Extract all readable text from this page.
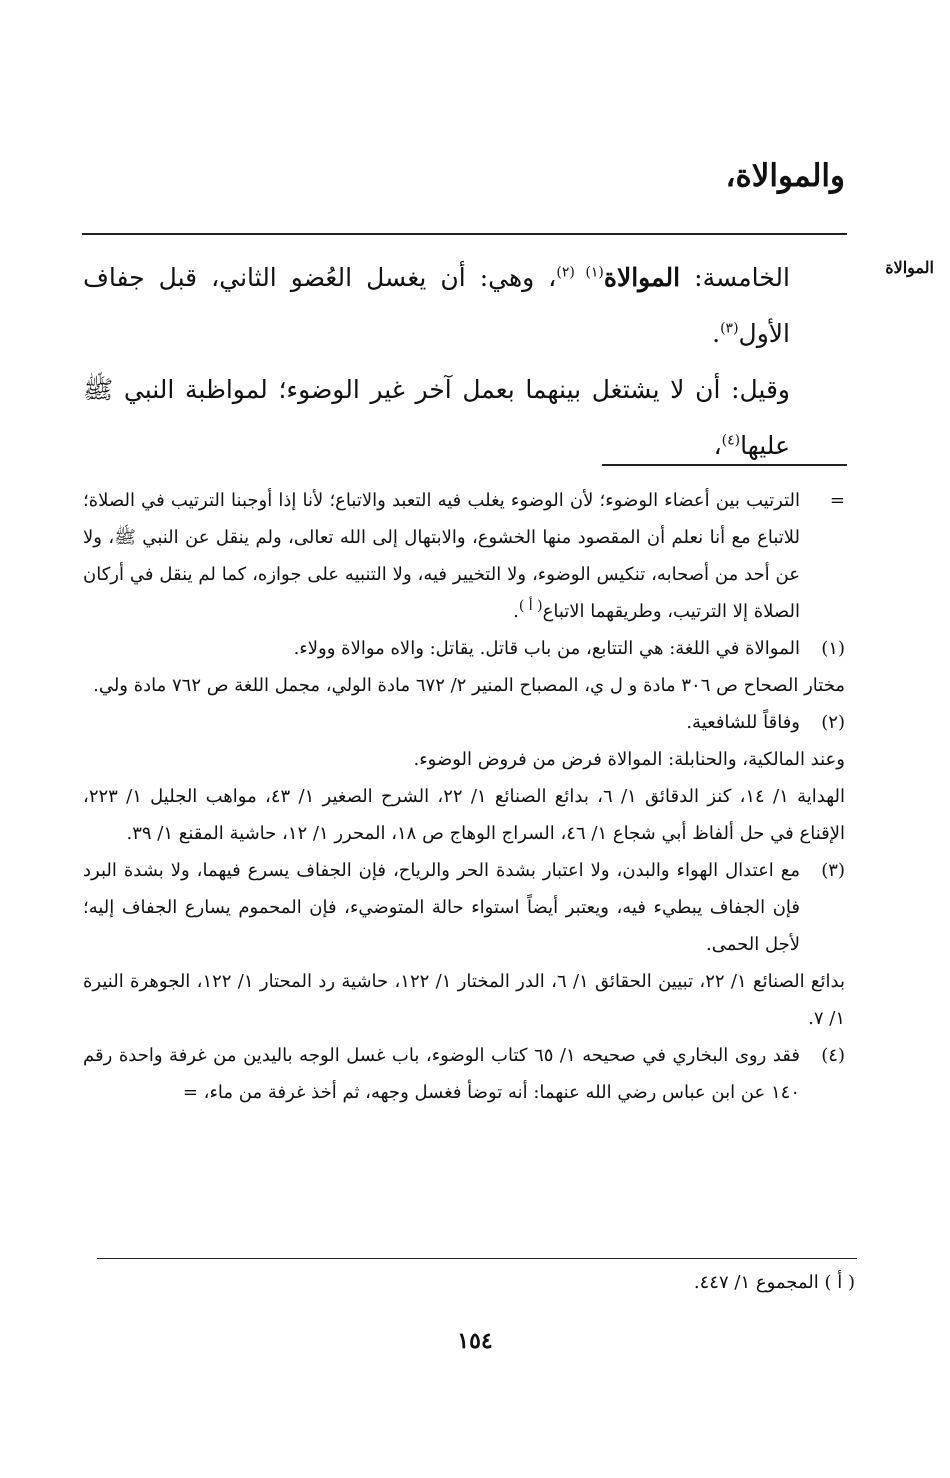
والموالاة،
الموالاة

الخامسة: الموالاة$^{(١) (٢)}$، وهي: أن يغسل العُضو الثاني، قبل جفاف الأول$^{(٣)}$.

وقيل: أن لا يشتغل بينهما بعمل آخر غير الوضوء؛ لمواظبة النبي ﷺ عليها$^{(٤)}$،

=
الترتيب بين أعضاء الوضوء؛ لأن الوضوء يغلب فيه التعبد والاتباع؛ لأنا إذا أوجبنا الترتيب في الصلاة؛ للاتباع مع أنا نعلم أن المقصود منها الخشوع، والابتهال إلى الله تعالى، ولم ينقل عن النبي ﷺ، ولا عن أحد من أصحابه، تنكيس الوضوء، ولا التخيير فيه، ولا التنبيه على جوازه، كما لم ينقل في أركان الصلاة إلا الترتيب، وطريقهما الاتباع$^{( أ )}$.
(١)
الموالاة في اللغة: هي التتابع، من باب قاتل. يقاتل: والاه موالاة وولاء.
مختار الصحاح ص ٣٠٦ مادة و ل ي، المصباح المنير ٢/ ٦٧٢ مادة الولي، مجمل اللغة ص ٧٦٢ مادة ولي.
(٢)
وفاقاً للشافعية.
وعند المالكية، والحنابلة: الموالاة فرض من فروض الوضوء.
الهداية ١/ ١٤، كنز الدقائق ١/ ٦، بدائع الصنائع ١/ ٢٢، الشرح الصغير ١/ ٤٣، مواهب الجليل ١/ ٢٢٣، الإقناع في حل ألفاظ أبي شجاع ١/ ٤٦، السراج الوهاج ص ١٨، المحرر ١/ ١٢، حاشية المقنع ١/ ٣٩.
(٣)
مع اعتدال الهواء والبدن، ولا اعتبار بشدة الحر والرياح، فإن الجفاف يسرع فيهما، ولا بشدة البرد فإن الجفاف يبطيء فيه، ويعتبر أيضاً استواء حالة المتوضيء، فإن المحموم يسارع الجفاف إليه؛ لأجل الحمى.
بدائع الصنائع ١/ ٢٢، تبيين الحقائق ١/ ٦، الدر المختار ١/ ١٢٢، حاشية رد المحتار ١/ ١٢٢، الجوهرة النيرة ١/ ٧.
(٤)
فقد روى البخاري في صحيحه ١/ ٦٥ كتاب الوضوء، باب غسل الوجه باليدين من غرفة واحدة رقم ١٤٠ عن ابن عباس رضي الله عنهما: أنه توضأ فغسل وجهه، ثم أخذ غرفة من ماء، =
( أ ) المجموع ١/ ٤٤٧.
١٥٤
